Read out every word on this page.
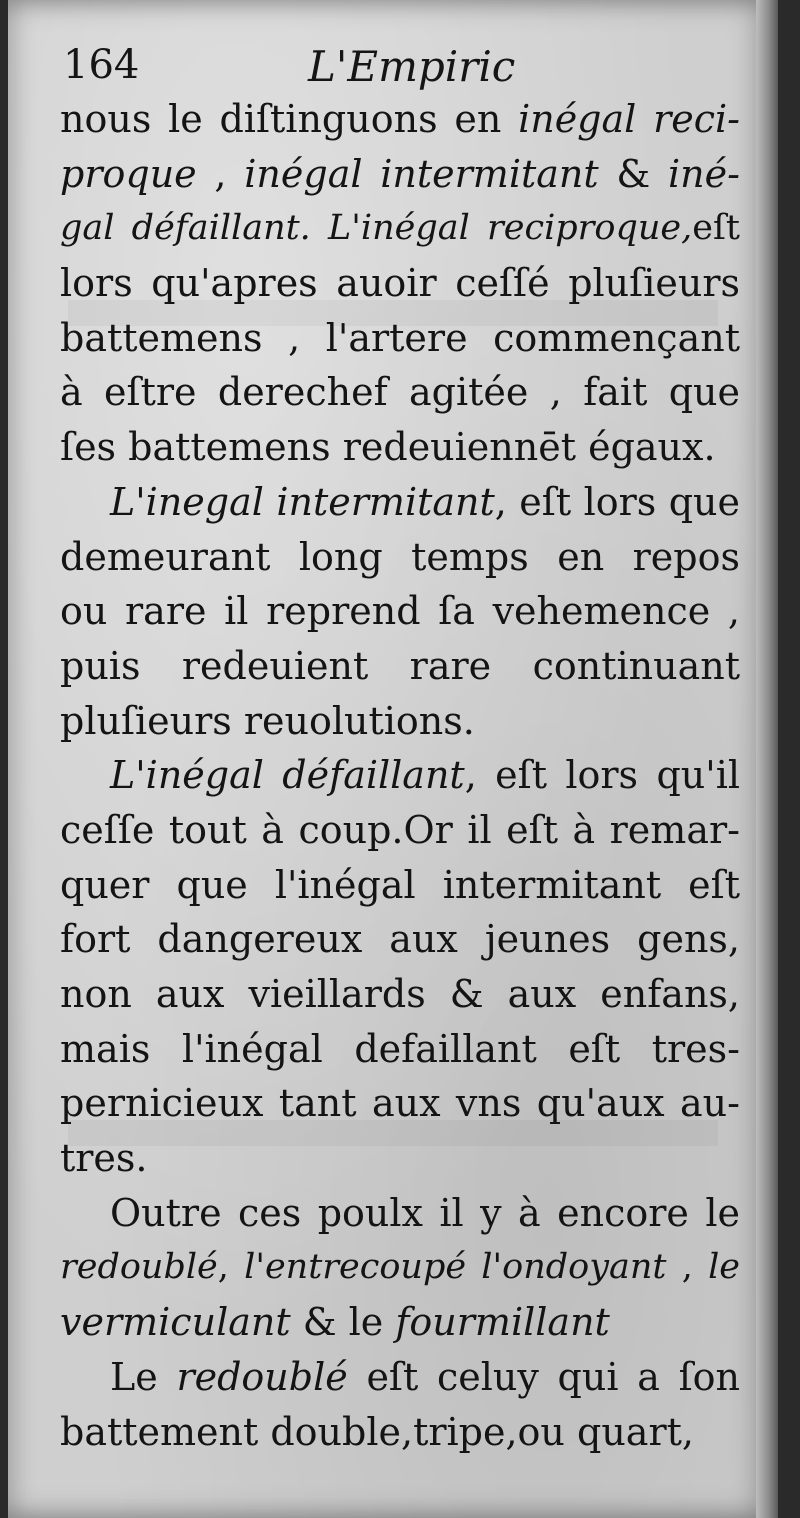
164	L'Empiric
nous le diſtinguons en inégal reci-
proque , inégal intermitant & iné-
gal défaillant. L'inégal reciproque,eſt
lors qu'apres auoir ceſſé pluſieurs
battemens , l'artere commençant
à eſtre derechef agitée , fait que
ſes battemens redeuiennēt égaux.
L'inegal intermitant, eſt lors que
demeurant long temps en repos
ou rare il reprend ſa vehemence ,
puis redeuient rare continuant
pluſieurs reuolutions.
L'inégal défaillant, eſt lors qu'il
ceſſe tout à coup.Or il eſt à remar-
quer que l'inégal intermitant eſt
fort dangereux aux jeunes gens,
non aux vieillards & aux enfans,
mais l'inégal defaillant eſt tres-
pernicieux tant aux vns qu'aux au-
tres.
Outre ces poulx il y à encore le
redoublé, l'entrecoupé l'ondoyant , le
vermiculant & le fourmillant
Le redoublé eſt celuy qui a ſon
battement double,tripe,ou quart,
